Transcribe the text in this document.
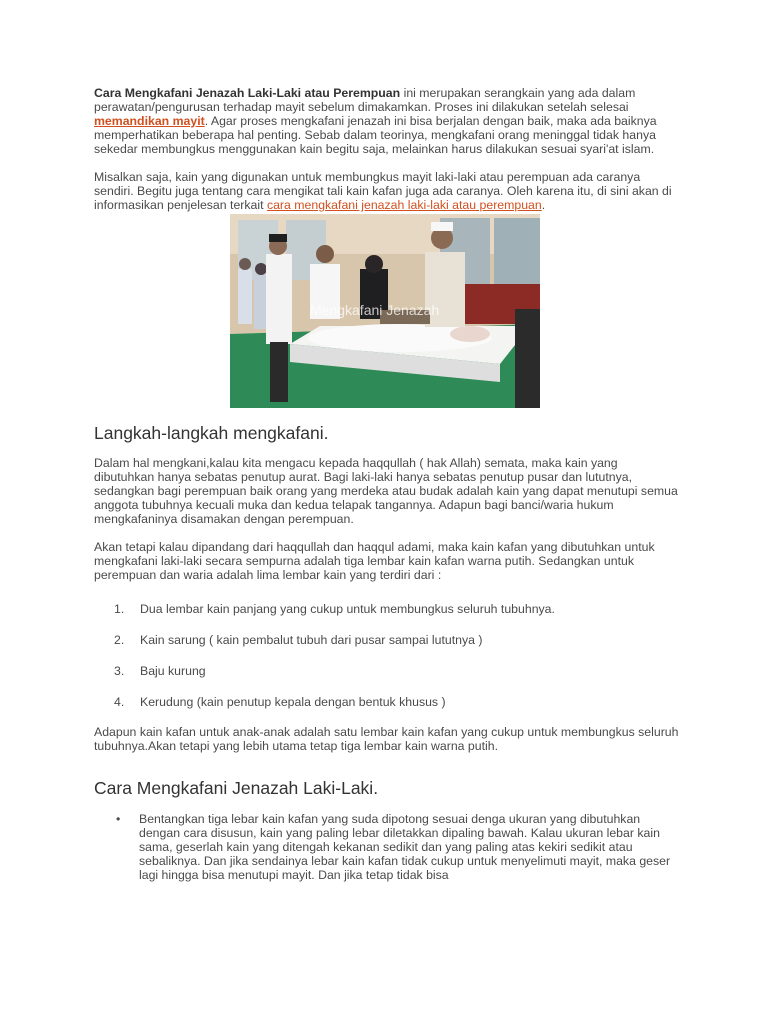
Cara Mengkafani Jenazah Laki-Laki atau Perempuan ini merupakan serangkain yang ada dalam perawatan/pengurusan terhadap mayit sebelum dimakamkan. Proses ini dilakukan setelah selesai memandikan mayit. Agar proses mengkafani jenazah ini bisa berjalan dengan baik, maka ada baiknya memperhatikan beberapa hal penting. Sebab dalam teorinya, mengkafani orang meninggal tidak hanya sekedar membungkus menggunakan kain begitu saja, melainkan harus dilakukan sesuai syari'at islam.

Misalkan saja, kain yang digunakan untuk membungkus mayit laki-laki atau perempuan ada caranya sendiri. Begitu juga tentang cara mengikat tali kain kafan juga ada caranya. Oleh karena itu, di sini akan di informasikan penjelesan terkait cara mengkafani jenazah laki-laki atau perempuan.

Mengkafani Jenazah
Langkah-langkah mengkafani.

Dalam hal mengkani,kalau kita mengacu kepada haqqullah ( hak Allah) semata, maka kain yang dibutuhkan hanya sebatas penutup aurat. Bagi laki-laki hanya sebatas penutup pusar dan lututnya, sedangkan bagi perempuan baik orang yang merdeka atau budak adalah kain yang dapat menutupi semua anggota tubuhnya kecuali muka dan kedua telapak tangannya. Adapun bagi banci/waria hukum mengkafaninya disamakan dengan perempuan.

Akan tetapi kalau dipandang dari haqqullah dan haqqul adami, maka kain kafan yang dibutuhkan untuk mengkafani laki-laki secara sempurna adalah tiga lembar kain kafan warna putih. Sedangkan untuk perempuan dan waria adalah lima lembar kain yang terdiri dari :

1. Dua lembar kain panjang yang cukup untuk membungkus seluruh tubuhnya.
2. Kain sarung ( kain pembalut tubuh dari pusar sampai lututnya )
3. Baju kurung
4. Kerudung (kain penutup kepala dengan bentuk khusus )

Adapun kain kafan untuk anak-anak adalah satu lembar kain kafan yang cukup untuk membungkus seluruh tubuhnya.Akan tetapi yang lebih utama tetap tiga lembar kain warna putih.

Cara Mengkafani Jenazah Laki-Laki.
• Bentangkan tiga lebar kain kafan yang suda dipotong sesuai denga ukuran yang dibutuhkan dengan cara disusun, kain yang paling lebar diletakkan dipaling bawah. Kalau ukuran lebar kain sama, geserlah kain yang ditengah kekanan sedikit dan yang paling atas kekiri sedikit atau sebaliknya. Dan jika sendainya lebar kain kafan tidak cukup untuk menyelimuti mayit, maka geser lagi hingga bisa menutupi mayit. Dan jika tetap tidak bisa
